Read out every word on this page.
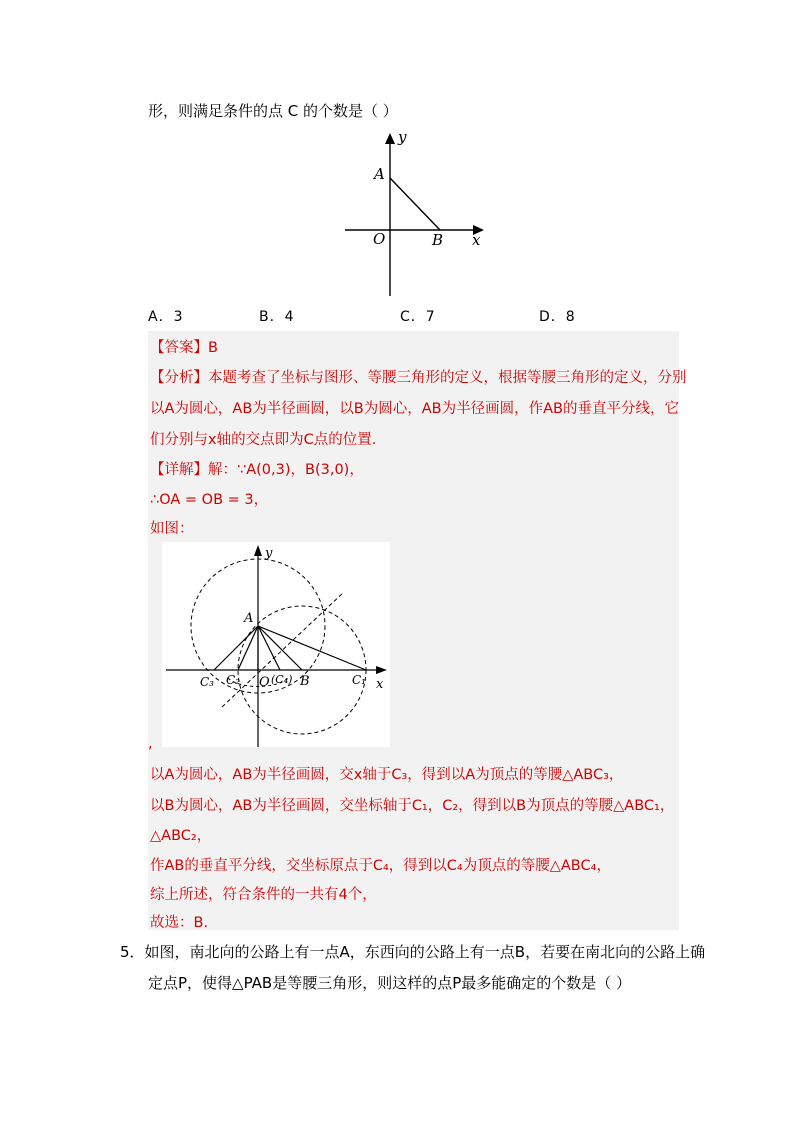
形，则满足条件的点 C 的个数是（ ）
y
x
O
A
B
A．3	B．4	C．7	D．8
【答案】B
【分析】本题考查了坐标与图形、等腰三角形的定义，根据等腰三角形的定义，分别
以A为圆心，AB为半径画圆，以B为圆心，AB为半径画圆，作AB的垂直平分线，它
们分别与x轴的交点即为C点的位置.
【详解】解：∵A(0,3)，B(3,0)，
∴OA = OB = 3，
如图：
y
x
A
O B	C₁
C₂
C₃	(C₄)
,
以A为圆心，AB为半径画圆，交x轴于C₃，得到以A为顶点的等腰△ABC₃，
以B为圆心，AB为半径画圆，交坐标轴于C₁，C₂，得到以B为顶点的等腰△ABC₁，
△ABC₂，
作AB的垂直平分线，交坐标原点于C₄，得到以C₄为顶点的等腰△ABC₄，
综上所述，符合条件的一共有4个，
故选：B.
5．如图，南北向的公路上有一点A，东西向的公路上有一点B，若要在南北向的公路上确
定点P，使得△PAB是等腰三角形，则这样的点P最多能确定的个数是（ ）
